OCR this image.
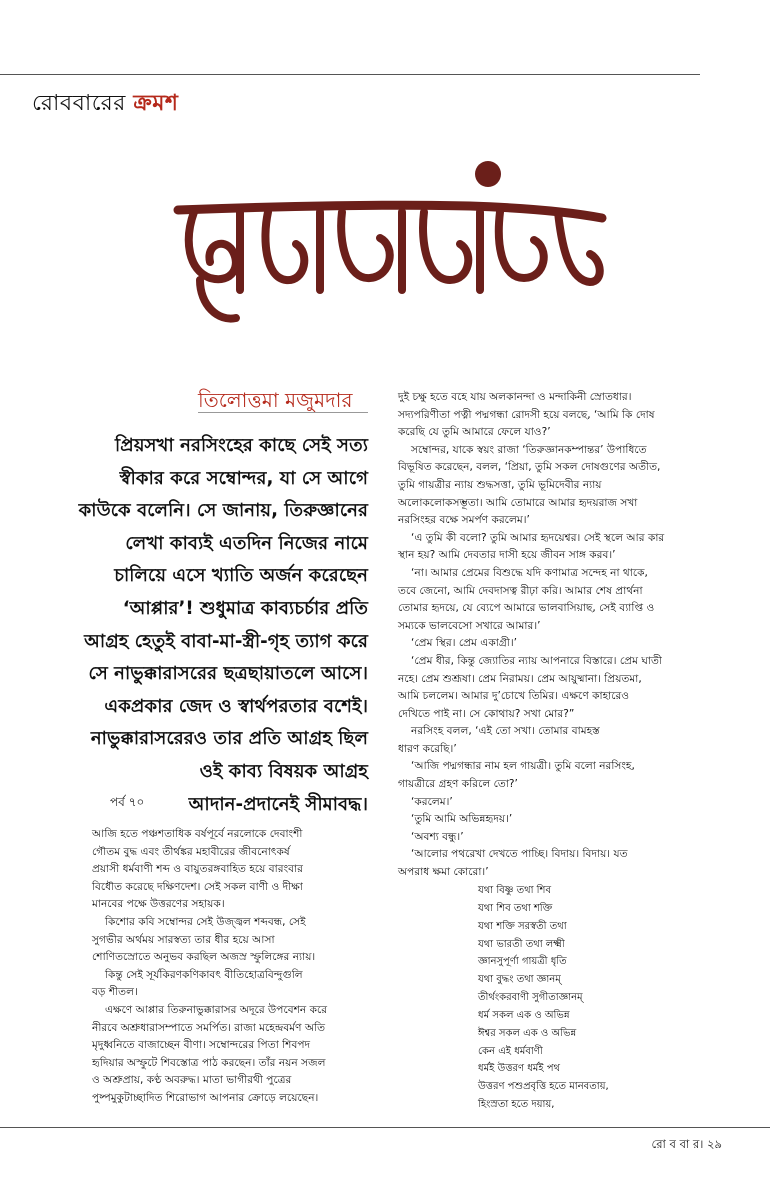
রোববারের ক্রমশ
তিলোত্তমা মজুমদার
প্রিয়সখা নরসিংহের কাছে সেই সত্য
স্বীকার করে সম্বোন্দর, যা সে আগে
কাউকে বলেনি। সে জানায়, তিরুজ্ঞানের
লেখা কাব্যই এতদিন নিজের নামে
চালিয়ে এসে খ্যাতি অর্জন করেছেন
‘আপ্পার’! শুধুমাত্র কাব্যচর্চার প্রতি
আগ্রহ হেতুই বাবা-মা-স্ত্রী-গৃহ ত্যাগ করে
সে নাভুক্কারাসরের ছত্রছায়াতলে আসে।
একপ্রকার জেদ ও স্বার্থপরতার বশেই।
নাভুক্কারাসরেরও তার প্রতি আগ্রহ ছিল
ওই কাব্য বিষয়ক আগ্রহ
আদান-প্রদানেই সীমাবদ্ধ।
পর্ব ৭০

আজি হতে পঞ্চশতাধিক বর্ষপূর্বে নরলোকে দেবাংশী

গৌতম বুদ্ধ এবং তীর্থঙ্কর মহাবীরের জীবনোৎকর্ষ

প্রয়াসী ধর্মবাণী শব্দ ও বায়ুতরঙ্গবাহিত হয়ে বারংবার

বিধৌত করেছে দক্ষিণদেশ। সেই সকল বাণী ও দীক্ষা

মানবের পক্ষে উত্তরণের সহায়ক।

কিশোর কবি সম্বোন্দর সেই উজ্জ্বল শব্দবন্ধ, সেই

সুগভীর অর্থময় সারস্বত্য তার ধীর হয়ে আসা

শোণিতস্রোতে অনুভব করছিল অজস্র স্ফুলিঙ্গের ন্যায়।

কিন্তু সেই সূর্যকিরণকণিকাবৎ বীতিহোত্রবিন্দুগুলি

বড় শীতল।

এক্ষণে আপ্পার তিরুনাভুক্কারাসর অদূরে উপবেশন করে

নীরবে অশ্রুধারাসম্পাতে সমর্পিত। রাজা মহেন্দ্রবর্মণ অতি

মৃদুধ্বনিতে বাজাচ্ছেন বীণা। সম্বোন্দরের পিতা শিবপদ

হৃদিয়ার অস্ফুটে শিবস্তোত্র পাঠ করছেন। তাঁর নয়ন সজল

ও অশ্রুপ্রায়, কণ্ঠ অবরুদ্ধ। মাতা ভাগীরথী পুত্রের

পুষ্পমুকুটাচ্ছাদিত শিরোভাগ আপনার ক্রোড়ে লয়েছেন।

দুই চক্ষু হতে বহে যায় অলকানন্দা ও মন্দাকিনী স্রোতধার।

সদ্যপরিণীতা পত্নী পদ্মগন্ধা রোদসী হয়ে বলছে, ‘আমি কি দোষ

করেছি যে তুমি আমারে ফেলে যাও?’

সম্বোন্দর, যাকে স্বয়ং রাজা ‘তিরুজ্ঞানকম্পান্তর’ উপাধিতে

বিভূষিত করেছেন, বলল, ‘প্রিয়া, তুমি সকল দোষগুণের অতীত,

তুমি গায়ত্রীর ন্যায় শুদ্ধসত্তা, তুমি ভূমিদেবীর ন্যায়

অলোকলোকসম্ভূতা। আমি তোমারে আমার হৃদয়রাজ সখা

নরসিংহর বক্ষে সমর্পণ করলেম।’

‘এ তুমি কী বলো? তুমি আমার হৃদয়েশ্বর। সেই স্থলে আর কার

স্থান হয়? আমি দেবতার দাসী হয়ে জীবন সাঙ্গ করব।’

‘না। আমার প্রেমের বিশুদ্ধে যদি কণামাত্র সন্দেহ না থাকে,

তবে জেনো, আমি দেবদাসত্ব রীঢ়া করি। আমার শেষ প্রার্থনা

তোমার হৃদয়ে, যে ব্যেপে আমারে ভালবাসিয়াছ, সেই ব্যাপ্তি ও

সম্যকে ভালবেসো সখারে আমার।’

‘প্রেম স্থির। প্রেম একাগ্রী।’

‘প্রেম ধীর, কিন্তু জ্যোতির ন্যায় আপনারে বিস্তারে। প্রেম ঘাতী

নহে। প্রেম শুশ্রূষা। প্রেম নিরাময়। প্রেম আয়ুষ্মানা। প্রিয়তমা,

আমি চললেম। আমার দু’চোখে তিমির। এক্ষণে কাহারেও

দেখিতে পাই না। সে কোথায়? সখা মোর?”

নরসিংহ বলল, ‘এই তো সখা। তোমার বামহস্ত

ধারণ করেছি।’

‘আজি পদ্মগন্ধার নাম হল গায়ত্রী। তুমি বলো নরসিংহ,

গায়ত্রীরে গ্রহণ করিলে তো?’

‘করলেম।’

‘তুমি আমি অভিন্নহৃদয়।’

‘অবশ্য বন্ধু।’

‘আলোর পথরেখা দেখতে পাচ্ছি। বিদায়। বিদায়। যত

অপরাধ ক্ষমা কোরো।’

যথা বিষ্ণু তথা শিব
যথা শিব তথা শক্তি
যথা শক্তি সরস্বতী তথা
যথা ভারতী তথা লক্ষ্মী
জ্ঞানসুপূর্ণা গায়ত্রী ধৃতি
যথা বুদ্ধং তথা জ্ঞানম্
তীর্থংকরবাণী সুগীতাজ্ঞানম্
ধর্ম সকল এক ও অভিন্ন
ঈশ্বর সকল এক ও অভিন্ন
কেন এই ধর্মবাণী
ধর্মই উত্তরণ ধর্মই পথ
উত্তরণ পশুপ্রবৃত্তি হতে মানবতায়,
হিংস্রতা হতে দয়ায়,
রো ব বা র। ২৯
